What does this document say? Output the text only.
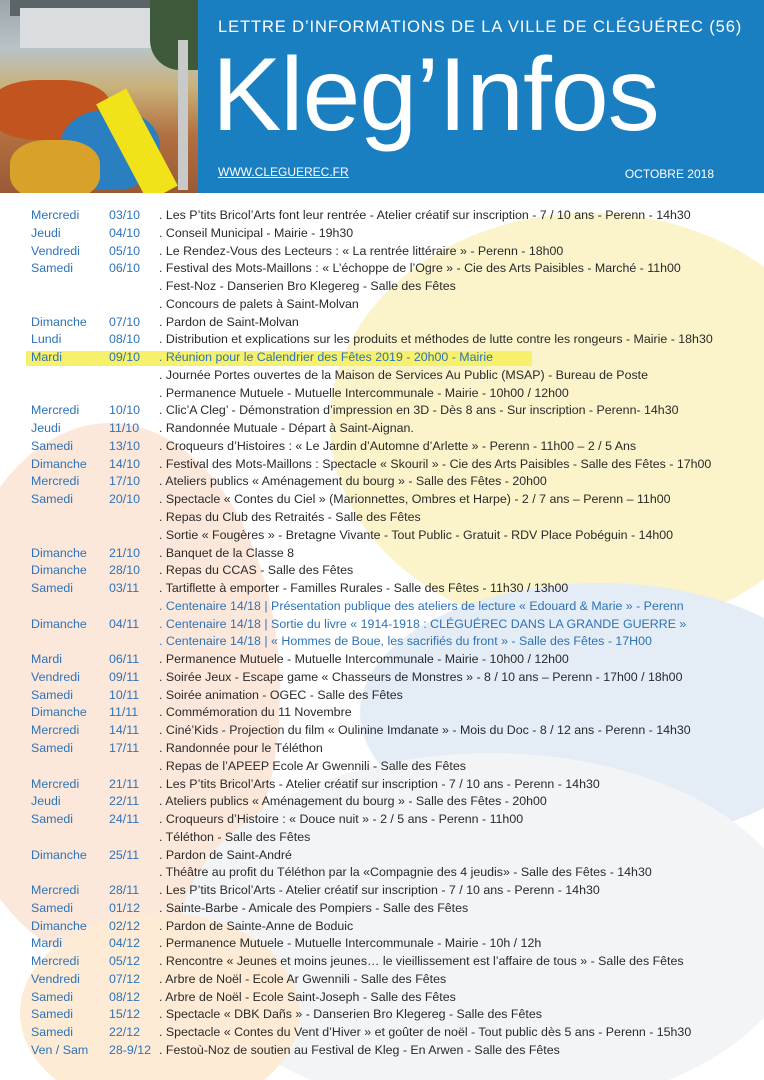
LETTRE D’INFORMATIONS DE LA VILLE DE CLÉGUÉREC (56)
Kleg’Infos
WWW.CLEGUEREC.FR	OCTOBRE 2018
Mercredi 03/10 . Les P’tits Bricol’Arts font leur rentrée - Atelier créatif sur inscription - 7 / 10 ans - Perenn - 14h30
Jeudi	04/10 . Conseil Municipal - Mairie - 19h30
Vendredi 05/10 . Le Rendez-Vous des Lecteurs : « La rentrée littéraire » - Perenn - 18h00
Samedi	06/10 . Festival des Mots-Maillons : « L’échoppe de l’Ogre » - Cie des Arts Paisibles - Marché - 11h00
. Fest-Noz - Danserien Bro Klegereg - Salle des Fêtes
. Concours de palets à Saint-Molvan
Dimanche 07/10 . Pardon de Saint-Molvan
Lundi	08/10 . Distribution et explications sur les produits et méthodes de lutte contre les rongeurs - Mairie - 18h30
Mardi	09/10 . Réunion pour le Calendrier des Fêtes 2019 - 20h00 - Mairie
. Journée Portes ouvertes de la Maison de Services Au Public (MSAP) - Bureau de Poste
. Permanence Mutuele - Mutuelle Intercommunale - Mairie - 10h00 / 12h00
Mercredi 10/10 . Clic’A Cleg’ - Démonstration d’impression en 3D - Dès 8 ans - Sur inscription - Perenn- 14h30
Jeudi	11/10 . Randonnée Mutuale - Départ à Saint-Aignan.
Samedi	13/10 . Croqueurs d’Histoires : « Le Jardin d’Automne d’Arlette » - Perenn - 11h00 – 2 / 5 Ans
Dimanche 14/10 . Festival des Mots-Maillons : Spectacle « Skouril » - Cie des Arts Paisibles - Salle des Fêtes - 17h00
Mercredi 17/10 . Ateliers publics « Aménagement du bourg » - Salle des Fêtes - 20h00
Samedi	20/10 . Spectacle « Contes du Ciel » (Marionnettes, Ombres et Harpe) - 2 / 7 ans – Perenn – 11h00
. Repas du Club des Retraités - Salle des Fêtes
. Sortie « Fougères » - Bretagne Vivante - Tout Public - Gratuit - RDV Place Pobéguin - 14h00
Dimanche 21/10 . Banquet de la Classe 8
Dimanche 28/10 . Repas du CCAS - Salle des Fêtes
Samedi	03/11 . Tartiflette à emporter - Familles Rurales - Salle des Fêtes - 11h30 / 13h00
. Centenaire 14/18 | Présentation publique des ateliers de lecture « Edouard & Marie » - Perenn
Dimanche 04/11 . Centenaire 14/18 | Sortie du livre « 1914-1918 : CLÉGUÉREC DANS LA GRANDE GUERRE »
. Centenaire 14/18 | « Hommes de Boue, les sacrifiés du front » - Salle des Fêtes - 17H00
Mardi	06/11 . Permanence Mutuele - Mutuelle Intercommunale - Mairie - 10h00 / 12h00
Vendredi 09/11 . Soirée Jeux - Escape game « Chasseurs de Monstres » - 8 / 10 ans – Perenn - 17h00 / 18h00
Samedi	10/11 . Soirée animation - OGEC - Salle des Fêtes
Dimanche 11/11 . Commémoration du 11 Novembre
Mercredi 14/11 . Ciné’Kids - Projection du film « Oulinine Imdanate » - Mois du Doc - 8 / 12 ans - Perenn - 14h30
Samedi	17/11 . Randonnée pour le Téléthon
. Repas de l’APEEP Ecole Ar Gwennili - Salle des Fêtes
Mercredi 21/11 . Les P’tits Bricol’Arts - Atelier créatif sur inscription - 7 / 10 ans - Perenn - 14h30
Jeudi	22/11 . Ateliers publics « Aménagement du bourg » - Salle des Fêtes - 20h00
Samedi	24/11 . Croqueurs d’Histoire : « Douce nuit » - 2 / 5 ans - Perenn - 11h00
. Téléthon - Salle des Fêtes
Dimanche 25/11 . Pardon de Saint-André
. Théâtre au profit du Téléthon par la «Compagnie des 4 jeudis» - Salle des Fêtes - 14h30
Mercredi 28/11 . Les P’tits Bricol’Arts - Atelier créatif sur inscription - 7 / 10 ans - Perenn - 14h30
Samedi	01/12 . Sainte-Barbe - Amicale des Pompiers - Salle des Fêtes
Dimanche 02/12 . Pardon de Sainte-Anne de Boduic
Mardi	04/12 . Permanence Mutuele - Mutuelle Intercommunale - Mairie - 10h / 12h
Mercredi 05/12 . Rencontre « Jeunes et moins jeunes… le vieillissement est l’affaire de tous » - Salle des Fêtes
Vendredi 07/12 . Arbre de Noël - Ecole Ar Gwennili - Salle des Fêtes
Samedi	08/12 . Arbre de Noël - Ecole Saint-Joseph - Salle des Fêtes
Samedi	15/12 . Spectacle « DBK Dañs » - Danserien Bro Klegereg - Salle des Fêtes
Samedi	22/12 . Spectacle « Contes du Vent d’Hiver » et goûter de noël - Tout public dès 5 ans - Perenn - 15h30
Ven / Sam 28-9/12 . Festoù-Noz de soutien au Festival de Kleg - En Arwen - Salle des Fêtes
